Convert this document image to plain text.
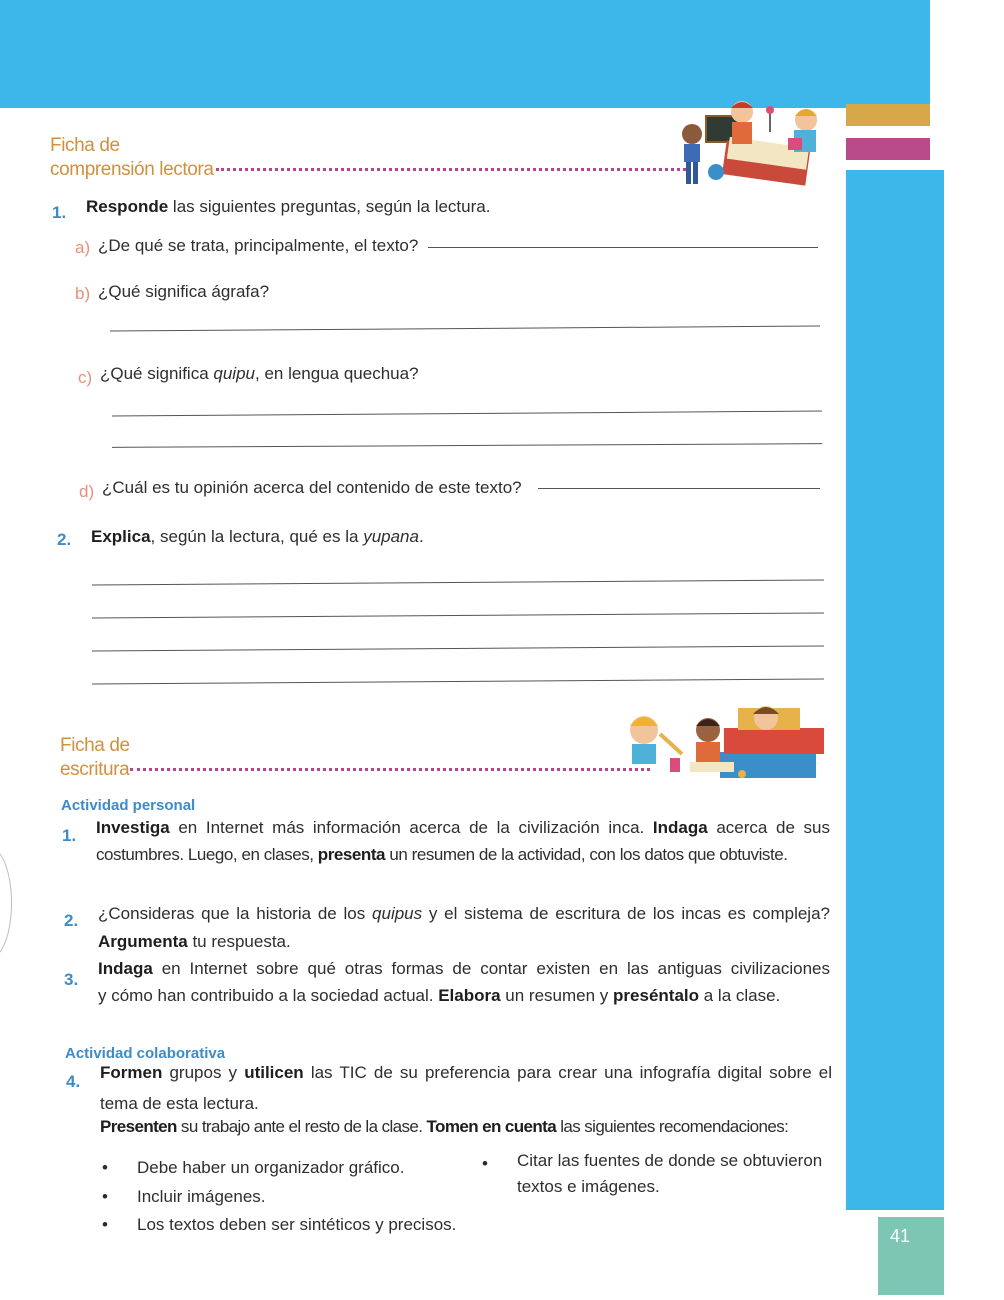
41
Ficha de
comprensión lectora
1. Responde las siguientes preguntas, según la lectura.
a) ¿De qué se trata, principalmente, el texto?
b) ¿Qué significa ágrafa?
c) ¿Qué significa quipu, en lengua quechua?
d) ¿Cuál es tu opinión acerca del contenido de este texto?
2. Explica, según la lectura, qué es la yupana.
Ficha de
escritura
Actividad personal
1. Investiga en Internet más información acerca de la civilización inca. Indaga acerca de sus
costumbres. Luego, en clases, presenta un resumen de la actividad, con los datos que obtuviste.
2. ¿Consideras que la historia de los quipus y el sistema de escritura de los incas es compleja?
Argumenta tu respuesta.
3.
Indaga en Internet sobre qué otras formas de contar existen en las antiguas civilizaciones
y cómo han contribuido a la sociedad actual. Elabora un resumen y preséntalo a la clase.
Actividad colaborativa
4. Formen grupos y utilicen las TIC de su preferencia para crear una infografía digital sobre el
tema de esta lectura.
Presenten su trabajo ante el resto de la clase. Tomen en cuenta las siguientes recomendaciones:
• Debe haber un organizador gráfico.
• Incluir imágenes.
• Los textos deben ser sintéticos y precisos.
• Citar las fuentes de donde se obtuvieron
textos e imágenes.
